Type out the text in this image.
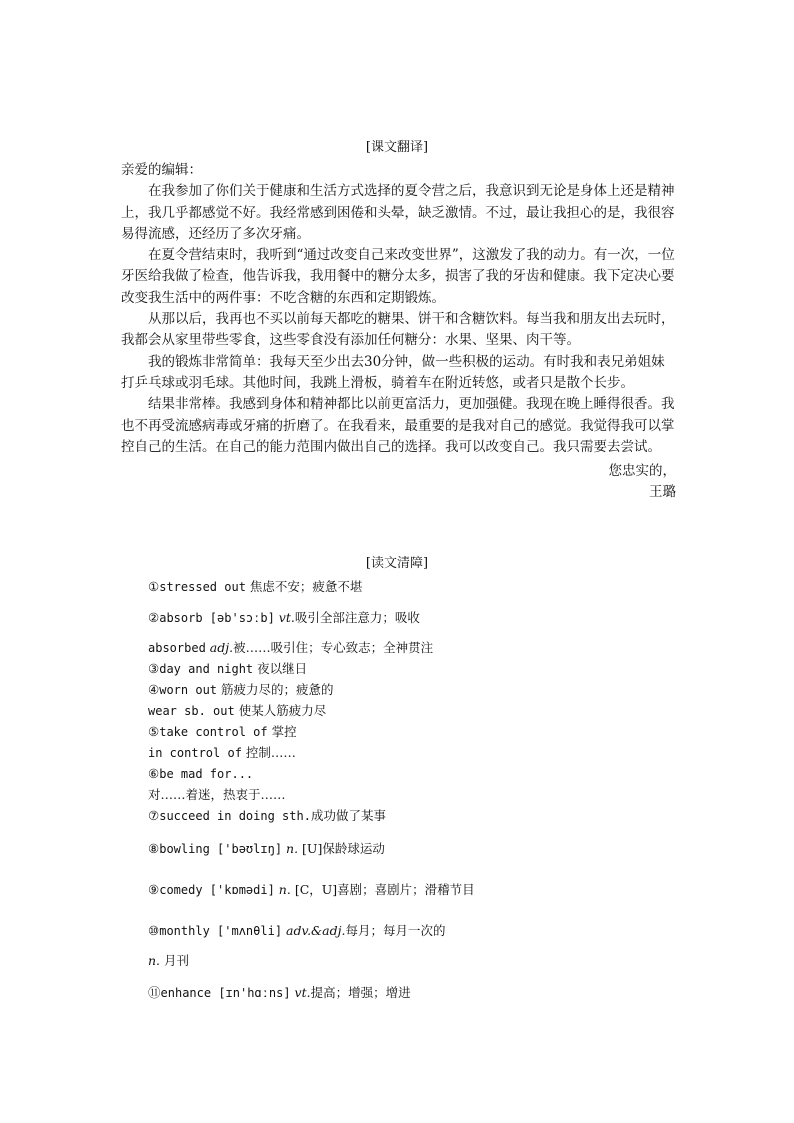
[课文翻译]

亲爱的编辑：

在我参加了你们关于健康和生活方式选择的夏令营之后，我意识到无论是身体上还是精神上，我几乎都感觉不好。我经常感到困倦和头晕，缺乏激情。不过，最让我担心的是，我很容易得流感，还经历了多次牙痛。

在夏令营结束时，我听到“通过改变自己来改变世界”，这激发了我的动力。有一次，一位牙医给我做了检查，他告诉我，我用餐中的糖分太多，损害了我的牙齿和健康。我下定决心要改变我生活中的两件事：不吃含糖的东西和定期锻炼。

从那以后，我再也不买以前每天都吃的糖果、饼干和含糖饮料。每当我和朋友出去玩时，我都会从家里带些零食，这些零食没有添加任何糖分：水果、坚果、肉干等。

我的锻炼非常简单：我每天至少出去30分钟，做一些积极的运动。有时我和表兄弟姐妹打乒乓球或羽毛球。其他时间，我跳上滑板，骑着车在附近转悠，或者只是散个长步。

结果非常棒。我感到身体和精神都比以前更富活力，更加强健。我现在晚上睡得很香。我也不再受流感病毒或牙痛的折磨了。在我看来，最重要的是我对自己的感觉。我觉得我可以掌控自己的生活。在自己的能力范围内做出自己的选择。我可以改变自己。我只需要去尝试。

您忠实的，

王璐

[读文清障]
①stressed out 焦虑不安；疲惫不堪
②absorb [əb'sɔːb] vt.吸引全部注意力；吸收
absorbed adj.被……吸引住；专心致志；全神贯注
③day and night 夜以继日
④worn out 筋疲力尽的；疲惫的
wear sb. out 使某人筋疲力尽
⑤take control of 掌控
in control of 控制……
⑥be mad for...
对……着迷，热衷于……
⑦succeed in doing sth.成功做了某事
⑧bowling ['bəʊlɪŋ] n. [U]保龄球运动
⑨comedy ['kɒmədi] n. [C，U]喜剧；喜剧片；滑稽节目
⑩monthly ['mʌnθli] adv.&adj.每月；每月一次的
n. 月刊
⑪enhance [ɪn'hɑːns] vt.提高；增强；增进
